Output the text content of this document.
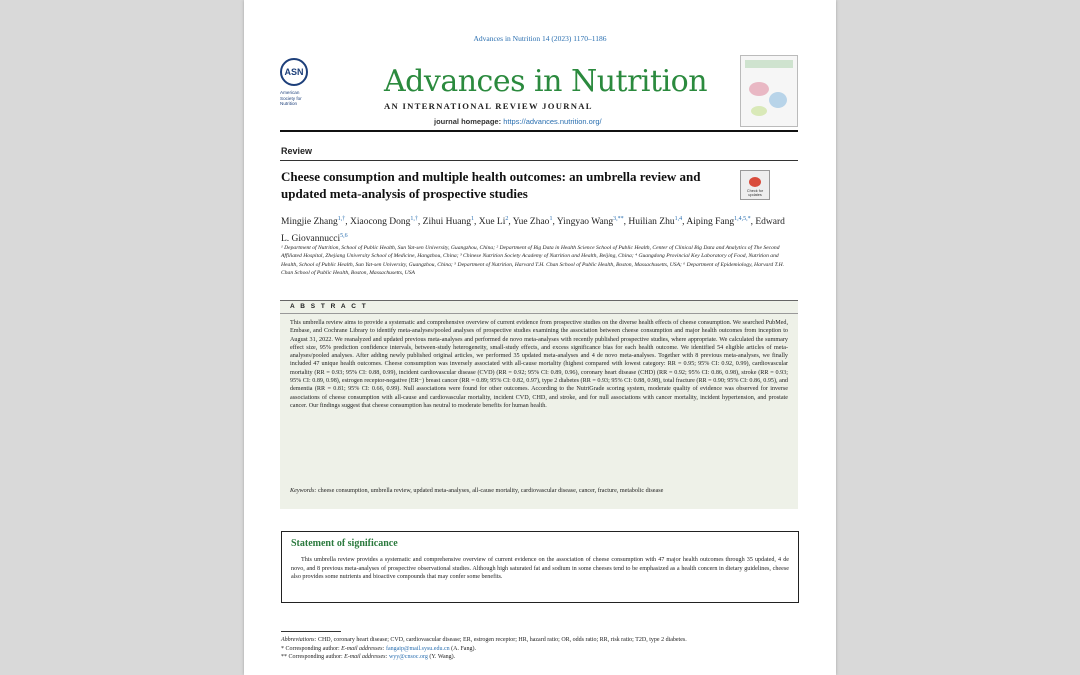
Advances in Nutrition 14 (2023) 1170–1186
ASN
American
Society for
Nutrition
Advances in Nutrition
AN INTERNATIONAL REVIEW JOURNAL
journal homepage: https://advances.nutrition.org/
Review
Cheese consumption and multiple health outcomes: an umbrella review and updated meta-analysis of prospective studies	Check for updates
Mingjie Zhang$^{1,\dagger}$, Xiaocong Dong$^{1,\dagger}$, Zihui Huang$^1$, Xue Li$^2$, Yue Zhao$^1$, Yingyao Wang$^{3,**}$, Huilian Zhu$^{1,4}$, Aiping Fang$^{1,4,5,*}$, Edward L. Giovannucci$^{5,6}$
¹ Department of Nutrition, School of Public Health, Sun Yat-sen University, Guangzhou, China; ² Department of Big Data in Health Science School of Public Health, Center of Clinical Big Data and Analytics of The Second Affiliated Hospital, Zhejiang University School of Medicine, Hangzhou, China; ³ Chinese Nutrition Society Academy of Nutrition and Health, Beijing, China; ⁴ Guangdong Provincial Key Laboratory of Food, Nutrition and Health, School of Public Health, Sun Yat-sen University, Guangzhou, China; ⁵ Department of Nutrition, Harvard T.H. Chan School of Public Health, Boston, Massachusetts, USA; ⁶ Department of Epidemiology, Harvard T.H. Chan School of Public Health, Boston, Massachusetts, USA
A B S T R A C T
This umbrella review aims to provide a systematic and comprehensive overview of current evidence from prospective studies on the diverse health effects of cheese consumption. We searched PubMed, Embase, and Cochrane Library to identify meta-analyses/pooled analyses of prospective studies examining the association between cheese consumption and major health outcomes from inception to August 31, 2022. We reanalyzed and updated previous meta-analyses and performed de novo meta-analyses with recently published prospective studies, where appropriate. We calculated the summary effect size, 95% prediction confidence intervals, between-study heterogeneity, small-study effects, and excess significance bias for each health outcome. We identified 54 eligible articles of meta-analyses/pooled analyses. After adding newly published original articles, we performed 35 updated meta-analyses and 4 de novo meta-analyses. Together with 8 previous meta-analyses, we finally included 47 unique health outcomes. Cheese consumption was inversely associated with all-cause mortality (highest compared with lowest category: RR = 0.95; 95% CI: 0.92, 0.99), cardiovascular mortality (RR = 0.93; 95% CI: 0.88, 0.99), incident cardiovascular disease (CVD) (RR = 0.92; 95% CI: 0.89, 0.96), coronary heart disease (CHD) (RR = 0.92; 95% CI: 0.86, 0.98), stroke (RR = 0.93; 95% CI: 0.89, 0.98), estrogen receptor-negative (ER−) breast cancer (RR = 0.89; 95% CI: 0.82, 0.97), type 2 diabetes (RR = 0.93; 95% CI: 0.88, 0.98), total fracture (RR = 0.90; 95% CI: 0.86, 0.95), and dementia (RR = 0.81; 95% CI: 0.66, 0.99). Null associations were found for other outcomes. According to the NutriGrade scoring system, moderate quality of evidence was observed for inverse associations of cheese consumption with all-cause and cardiovascular mortality, incident CVD, CHD, and stroke, and for null associations with cancer mortality, incident hypertension, and prostate cancer. Our findings suggest that cheese consumption has neutral to moderate benefits for human health.
Keywords: cheese consumption, umbrella review, updated meta-analyses, all-cause mortality, cardiovascular disease, cancer, fracture, metabolic disease
Statement of significance
This umbrella review provides a systematic and comprehensive overview of current evidence on the association of cheese consumption with 47 major health outcomes through 35 updated, 4 de novo, and 8 previous meta-analyses of prospective observational studies. Although high saturated fat and sodium in some cheeses tend to be emphasized as a health concern in dietary guidelines, cheese also provides some nutrients and bioactive compounds that may confer some benefits.
Abbreviations: CHD, coronary heart disease; CVD, cardiovascular disease; ER, estrogen receptor; HR, hazard ratio; OR, odds ratio; RR, risk ratio; T2D, type 2 diabetes.
* Corresponding author: E-mail addresses: fangaip@mail.sysu.edu.cn (A. Fang).
** Corresponding author: E-mail addresses: wyy@cnsoc.org (Y. Wang).
